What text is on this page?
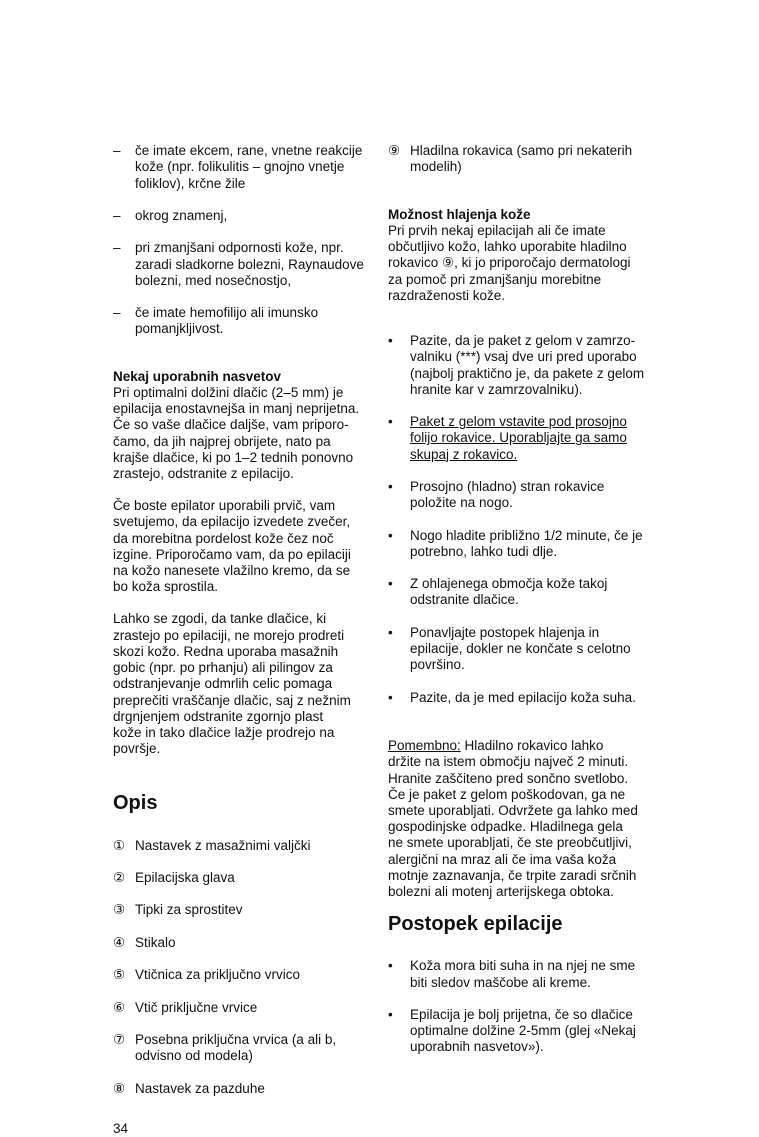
– če imate ekcem, rane, vnetne reakcije
kože (npr. folikulitis – gnojno vnetje
foliklov), krčne žile

– okrog znamenj,

– pri zmanjšani odpornosti kože, npr.
zaradi sladkorne bolezni, Raynaudove
bolezni, med nosečnostjo,

– če imate hemofilijo ali imunsko
pomanjkljivost.

Nekaj uporabnih nasvetov
Pri optimalni dolžini dlačic (2–5 mm) je
epilacija enostavnejša in manj neprijetna.
Če so vaše dlačice daljše, vam priporo-
čamo, da jih najprej obrijete, nato pa
krajše dlačice, ki po 1–2 tednih ponovno
zrastejo, odstranite z epilacijo.
Če boste epilator uporabili prvič, vam
svetujemo, da epilacijo izvedete zvečer,
da morebitna pordelost kože čez noč
izgine. Priporočamo vam, da po epilaciji
na kožo nanesete vlažilno kremo, da se
bo koža sprostila.
Lahko se zgodi, da tanke dlačice, ki
zrastejo po epilaciji, ne morejo prodreti
skozi kožo. Redna uporaba masažnih
gobic (npr. po prhanju) ali pilingov za
odstranjevanje odmrlih celic pomaga
preprečiti vraščanje dlačic, saj z nežnim
drgnjenjem odstranite zgornjo plast
kože in tako dlačice lažje prodrejo na
površje.
Opis

① Nastavek z masažnimi valjčki

② Epilacijska glava

③ Tipki za sprostitev

④ Stikalo

⑤ Vtičnica za priključno vrvico

⑥ Vtič priključne vrvice

⑦ Posebna priključna vrvica (a ali b,
odvisno od modela)

⑧ Nastavek za pazduhe

34

⑨ Hladilna rokavica (samo pri nekaterih
modelih)

Možnost hlajenja kože
Pri prvih nekaj epilacijah ali če imate
občutljivo kožo, lahko uporabite hladilno
rokavico ⑨, ki jo priporočajo dermatologi
za pomoč pri zmanjšanju morebitne
razdraženosti kože.

• Pazite, da je paket z gelom v zamrzo-
valniku (***) vsaj dve uri pred uporabo
(najbolj praktično je, da pakete z gelom
hranite kar v zamrzovalniku).

• Paket z gelom vstavite pod prosojno
folijo rokavice. Uporabljajte ga samo
skupaj z rokavico.

• Prosojno (hladno) stran rokavice
položite na nogo.

• Nogo hladite približno 1/2 minute, če je
potrebno, lahko tudi dlje.

• Z ohlajenega območja kože takoj
odstranite dlačice.

• Ponavljajte postopek hlajenja in
epilacije, dokler ne končate s celotno
površino.

• Pazite, da je med epilacijo koža suha.

Pomembno: Hladilno rokavico lahko
držite na istem območju največ 2 minuti.
Hranite zaščiteno pred sončno svetlobo.
Če je paket z gelom poškodovan, ga ne
smete uporabljati. Odvržete ga lahko med
gospodinjske odpadke. Hladilnega gela
ne smete uporabljati, če ste preobčutljivi,
alergični na mraz ali če ima vaša koža
motnje zaznavanja, če trpite zaradi srčnih
bolezni ali motenj arterijskega obtoka.
Postopek epilacije

• Koža mora biti suha in na njej ne sme
biti sledov maščobe ali kreme.

• Epilacija je bolj prijetna, če so dlačice
optimalne dolžine 2-5mm (glej «Nekaj
uporabnih nasvetov»).
